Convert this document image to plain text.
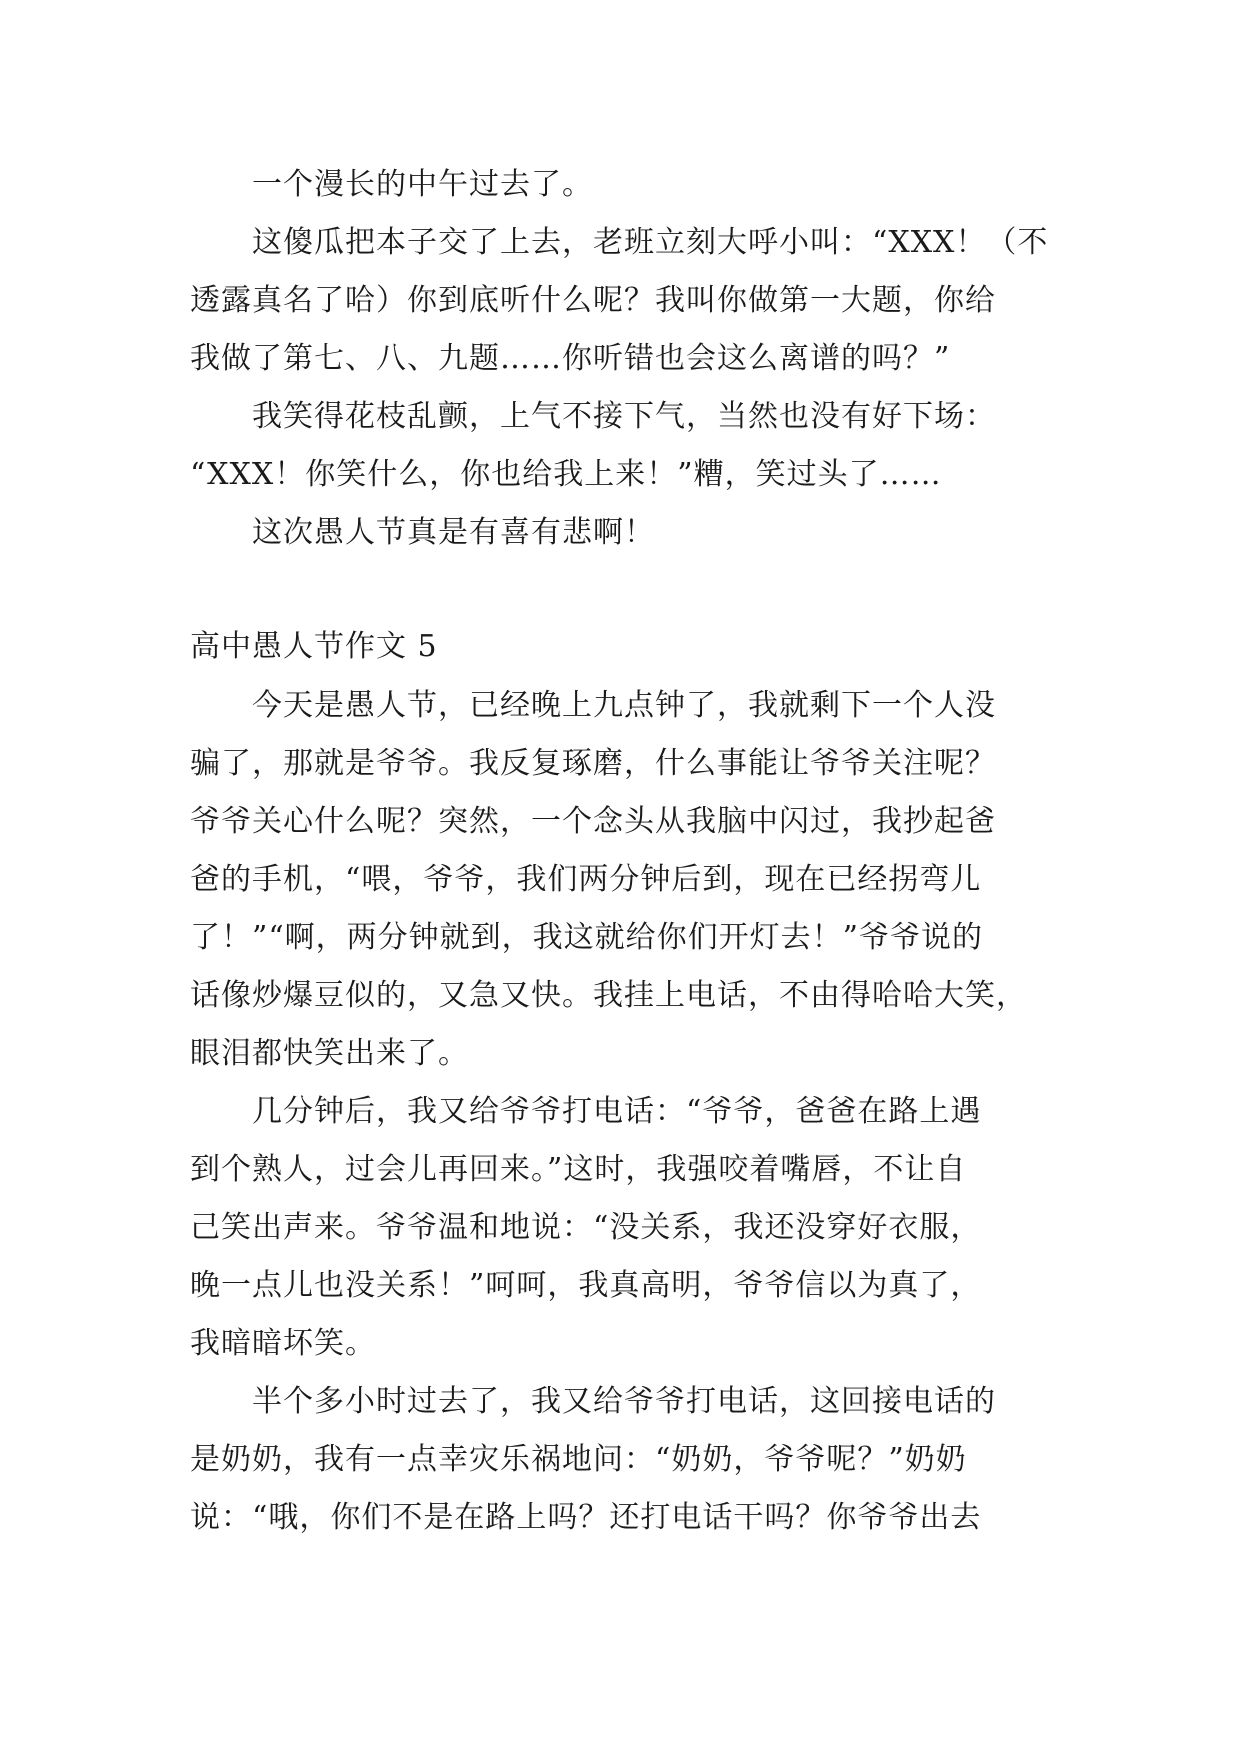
　　一个漫长的中午过去了。
　　这傻瓜把本子交了上去，老班立刻大呼小叫：“XXX！（不
透露真名了哈）你到底听什么呢？我叫你做第一大题，你给
我做了第七、八、九题……你听错也会这么离谱的吗？”
　　我笑得花枝乱颤，上气不接下气，当然也没有好下场：
“XXX！你笑什么，你也给我上来！”糟，笑过头了……
　　这次愚人节真是有喜有悲啊！
高中愚人节作文 5
　　今天是愚人节，已经晚上九点钟了，我就剩下一个人没
骗了，那就是爷爷。我反复琢磨，什么事能让爷爷关注呢？
爷爷关心什么呢？突然，一个念头从我脑中闪过，我抄起爸
爸的手机，“喂，爷爷，我们两分钟后到，现在已经拐弯儿
了！”“啊，两分钟就到，我这就给你们开灯去！”爷爷说的
话像炒爆豆似的，又急又快。我挂上电话，不由得哈哈大笑，
眼泪都快笑出来了。
　　几分钟后，我又给爷爷打电话：“爷爷，爸爸在路上遇
到个熟人，过会儿再回来。”这时，我强咬着嘴唇，不让自
己笑出声来。爷爷温和地说：“没关系，我还没穿好衣服，
晚一点儿也没关系！”呵呵，我真高明，爷爷信以为真了，
我暗暗坏笑。
　　半个多小时过去了，我又给爷爷打电话，这回接电话的
是奶奶，我有一点幸灾乐祸地问：“奶奶，爷爷呢？”奶奶
说：“哦，你们不是在路上吗？还打电话干吗？你爷爷出去
